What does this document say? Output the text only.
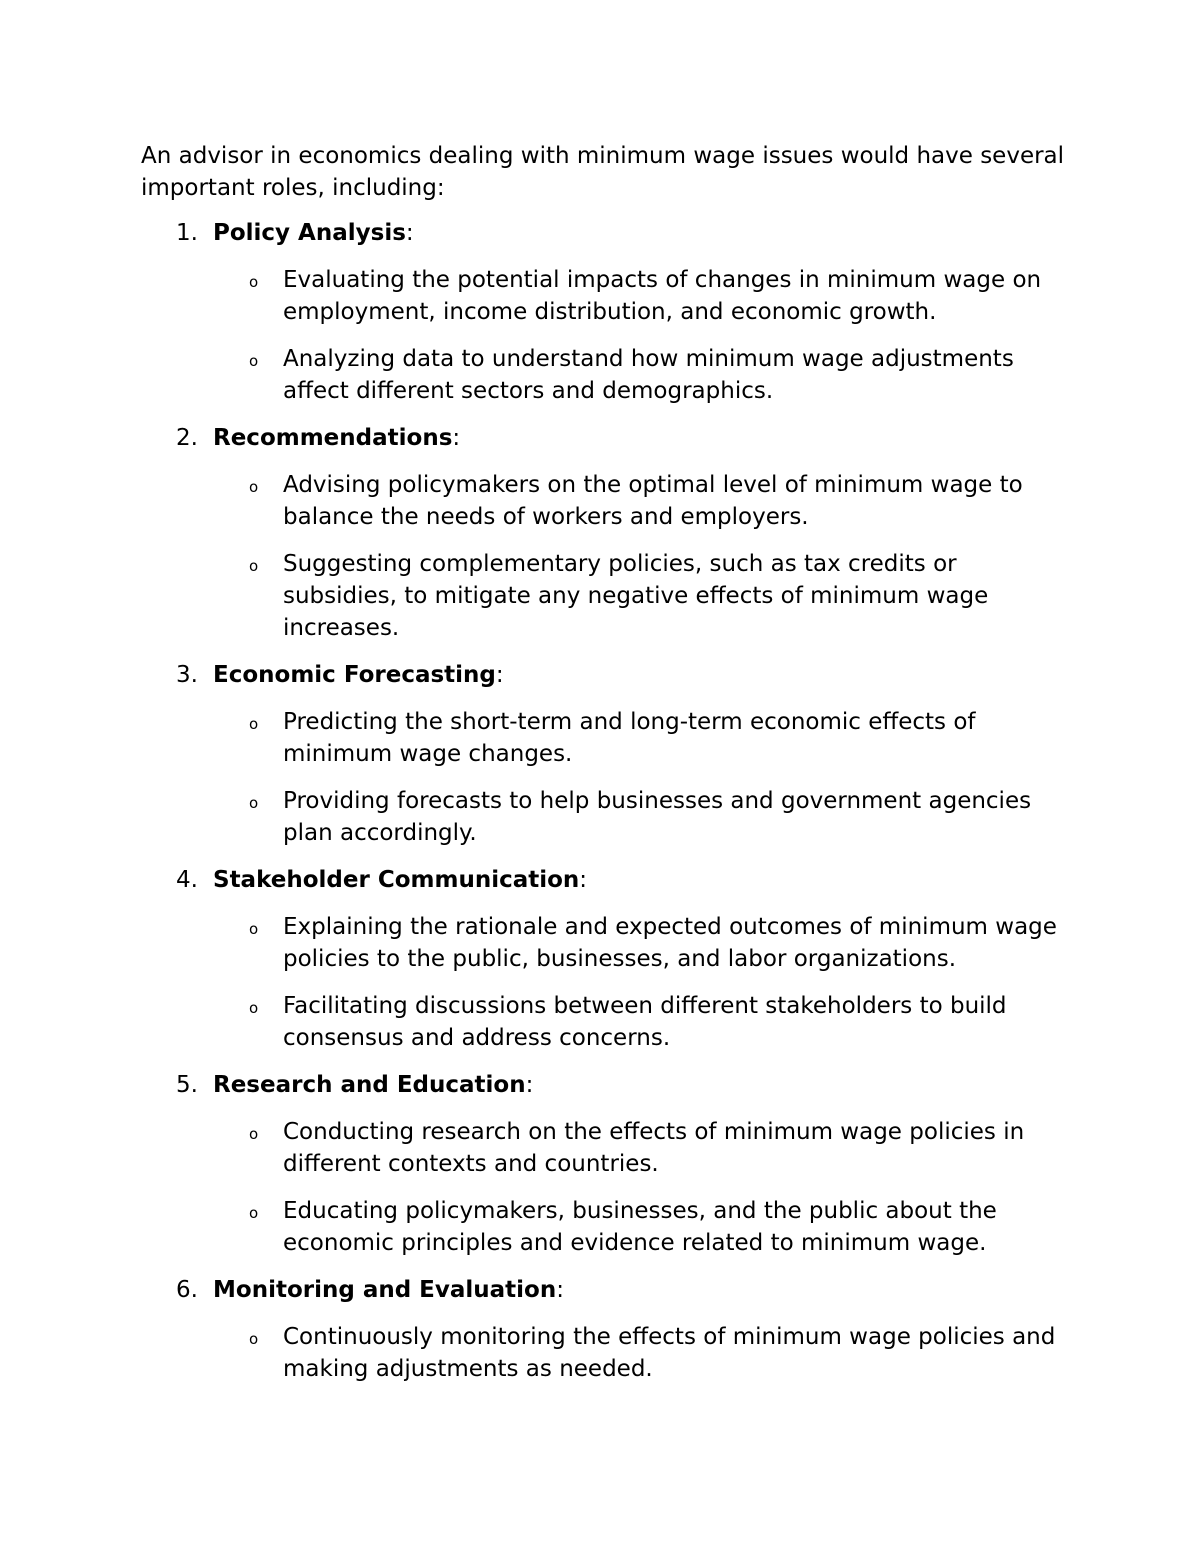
An advisor in economics dealing with minimum wage issues would have several important roles, including:

1. Policy Analysis:
o Evaluating the potential impacts of changes in minimum wage on employment, income distribution, and economic growth.
o Analyzing data to understand how minimum wage adjustments affect different sectors and demographics.
2. Recommendations:
o Advising policymakers on the optimal level of minimum wage to balance the needs of workers and employers.
o Suggesting complementary policies, such as tax credits or subsidies, to mitigate any negative effects of minimum wage increases.
3. Economic Forecasting:
o Predicting the short-term and long-term economic effects of minimum wage changes.
o Providing forecasts to help businesses and government agencies plan accordingly.
4. Stakeholder Communication:
o Explaining the rationale and expected outcomes of minimum wage policies to the public, businesses, and labor organizations.
o Facilitating discussions between different stakeholders to build consensus and address concerns.
5. Research and Education:
o Conducting research on the effects of minimum wage policies in different contexts and countries.
o Educating policymakers, businesses, and the public about the economic principles and evidence related to minimum wage.
6. Monitoring and Evaluation:
o Continuously monitoring the effects of minimum wage policies and making adjustments as needed.
